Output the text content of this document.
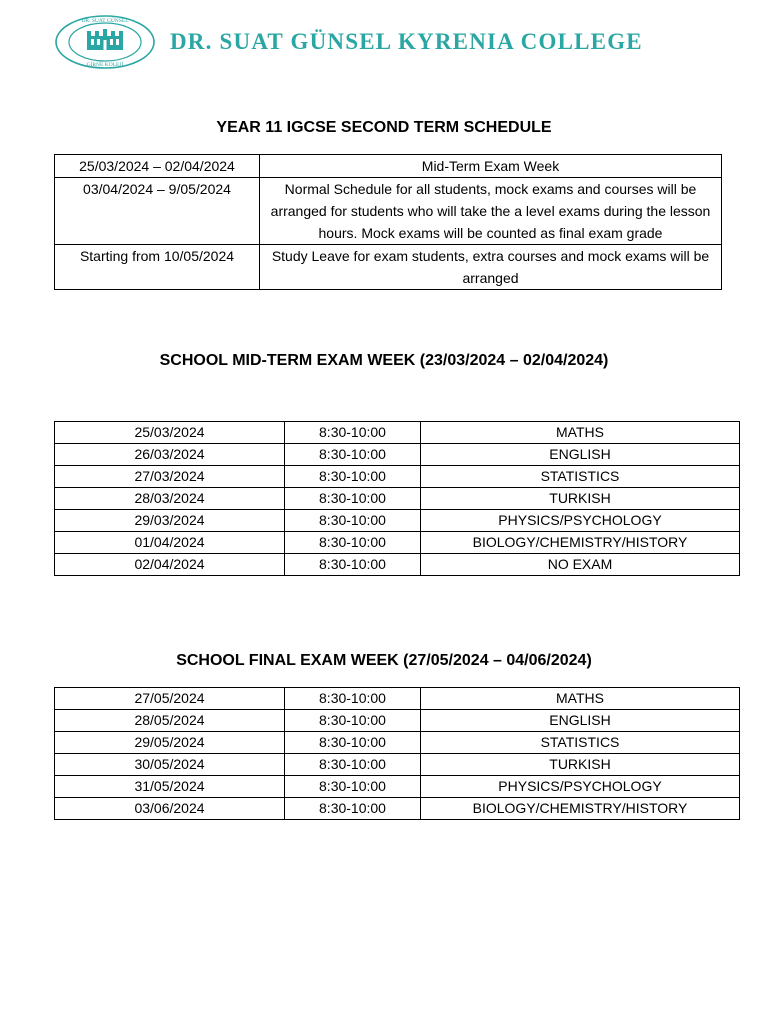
DR. SUAT GÜNSEL
GİRNE KOLEJİ
DR. SUAT GÜNSEL KYRENIA COLLEGE
YEAR 11 IGCSE SECOND TERM SCHEDULE
25/03/2024 – 02/04/2024	Mid-Term Exam Week
03/04/2024 – 9/05/2024	Normal Schedule for all students, mock exams and courses will be arranged for students who will take the a level exams during the lesson hours. Mock exams will be counted as final exam grade
Starting from 10/05/2024	Study Leave for exam students, extra courses and mock exams will be arranged
SCHOOL MID-TERM EXAM WEEK (23/03/2024 – 02/04/2024)
25/03/2024	8:30-10:00	MATHS
26/03/2024	8:30-10:00	ENGLISH
27/03/2024	8:30-10:00	STATISTICS
28/03/2024	8:30-10:00	TURKISH
29/03/2024	8:30-10:00	PHYSICS/PSYCHOLOGY
01/04/2024	8:30-10:00	BIOLOGY/CHEMISTRY/HISTORY
02/04/2024	8:30-10:00	NO EXAM
SCHOOL FINAL EXAM WEEK (27/05/2024 – 04/06/2024)
27/05/2024	8:30-10:00	MATHS
28/05/2024	8:30-10:00	ENGLISH
29/05/2024	8:30-10:00	STATISTICS
30/05/2024	8:30-10:00	TURKISH
31/05/2024	8:30-10:00	PHYSICS/PSYCHOLOGY
03/06/2024	8:30-10:00	BIOLOGY/CHEMISTRY/HISTORY
